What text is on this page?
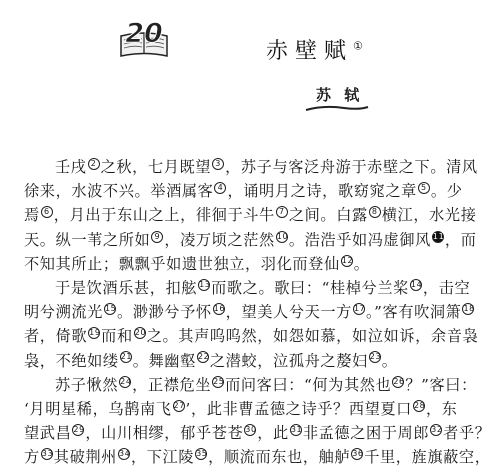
20
赤壁赋①
苏 轼
壬戌 $^2$ 之秋，七月既望 $^3$ ，苏子与客泛舟游于赤壁之下。清风
徐来，水波不兴。举酒属客 $^4$ ，诵明月之诗，歌窈窕之章 $^5$ 。少
焉 $^6$ ，月出于东山之上，徘徊于斗牛 $^7$ 之间。白露 $^8$ 横江，水光接
天。纵一苇之所如 $^9$ ，凌万顷之茫然 $^{10}$。浩浩乎如冯虚御风 $^{11}$，而
不知其所止；飘飘乎如遗世独立，羽化而登仙 $^{12}$。
于是饮酒乐甚，扣舷 $^{13}$而歌之。歌曰：“桂棹兮兰桨 $^{14}$，击空
明兮溯流光 $^{15}$。渺渺兮予怀 $^{16}$，望美人兮天一方 $^{17}$。”客有吹洞箫 $^{18}$
者，倚歌 $^{19}$而和 $^{20}$之。其声呜呜然，如怨如慕，如泣如诉，余音袅
袅，不绝如缕 $^{21}$。舞幽壑 $^{22}$之潜蛟，泣孤舟之嫠妇 $^{23}$。
苏子愀然 $^{24}$，正襟危坐 $^{25}$而问客曰：“何为其然也 $^{26}$？”客曰：
‘月明星稀，乌鹊南飞 $^{27}$’，此非曹孟德之诗乎？西望夏口 $^{28}$，东
望武昌 $^{29}$，山川相缪，郁乎苍苍 $^{30}$，此 $^{31}$非孟德之困于周郎 $^{32}$者乎？
方 $^{33}$其破荆州 $^{34}$，下江陵 $^{35}$，顺流而东也，舳舻 $^{36}$千里，旌旗蔽空，
